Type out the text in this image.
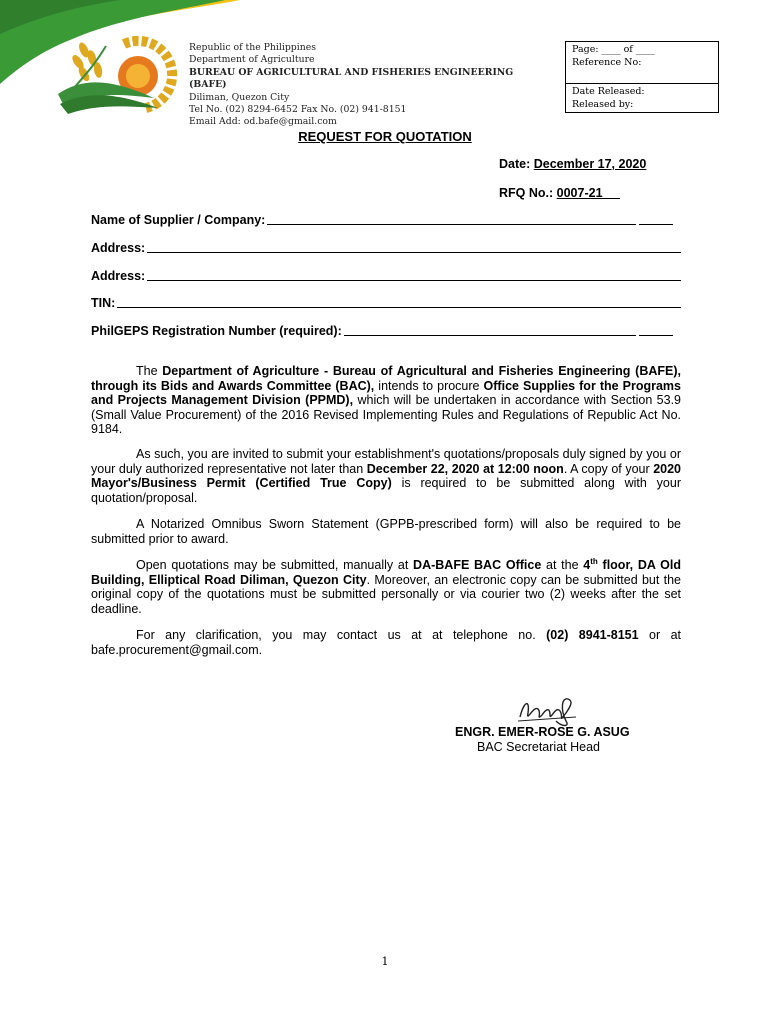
Republic of the Philippines
Department of Agriculture
BUREAU OF AGRICULTURAL AND FISHERIES ENGINEERING (BAFE)
Diliman, Quezon City
Tel No. (02) 8294-6452 Fax No. (02) 941-8151
Email Add: od.bafe@gmail.com
Page: ____ of ____
Reference No:
Date Released:
Released by:
REQUEST FOR QUOTATION
Date: December 17, 2020
RFQ No.: 0007-21
Name of Supplier / Company:
Address:
Address:
TIN:
PhilGEPS Registration Number (required):
The Department of Agriculture - Bureau of Agricultural and Fisheries Engineering (BAFE), through its Bids and Awards Committee (BAC), intends to procure Office Supplies for the Programs and Projects Management Division (PPMD), which will be undertaken in accordance with Section 53.9 (Small Value Procurement) of the 2016 Revised Implementing Rules and Regulations of Republic Act No. 9184.
As such, you are invited to submit your establishment's quotations/proposals duly signed by you or your duly authorized representative not later than December 22, 2020 at 12:00 noon. A copy of your 2020 Mayor's/Business Permit (Certified True Copy) is required to be submitted along with your quotation/proposal.
A Notarized Omnibus Sworn Statement (GPPB-prescribed form) will also be required to be submitted prior to award.
Open quotations may be submitted, manually at DA-BAFE BAC Office at the 4th floor, DA Old Building, Elliptical Road Diliman, Quezon City. Moreover, an electronic copy can be submitted but the original copy of the quotations must be submitted personally or via courier two (2) weeks after the set deadline.
For any clarification, you may contact us at at telephone no. (02) 8941-8151 or at bafe.procurement@gmail.com.
ENGR. EMER-ROSE G. ASUG
BAC Secretariat Head
1
